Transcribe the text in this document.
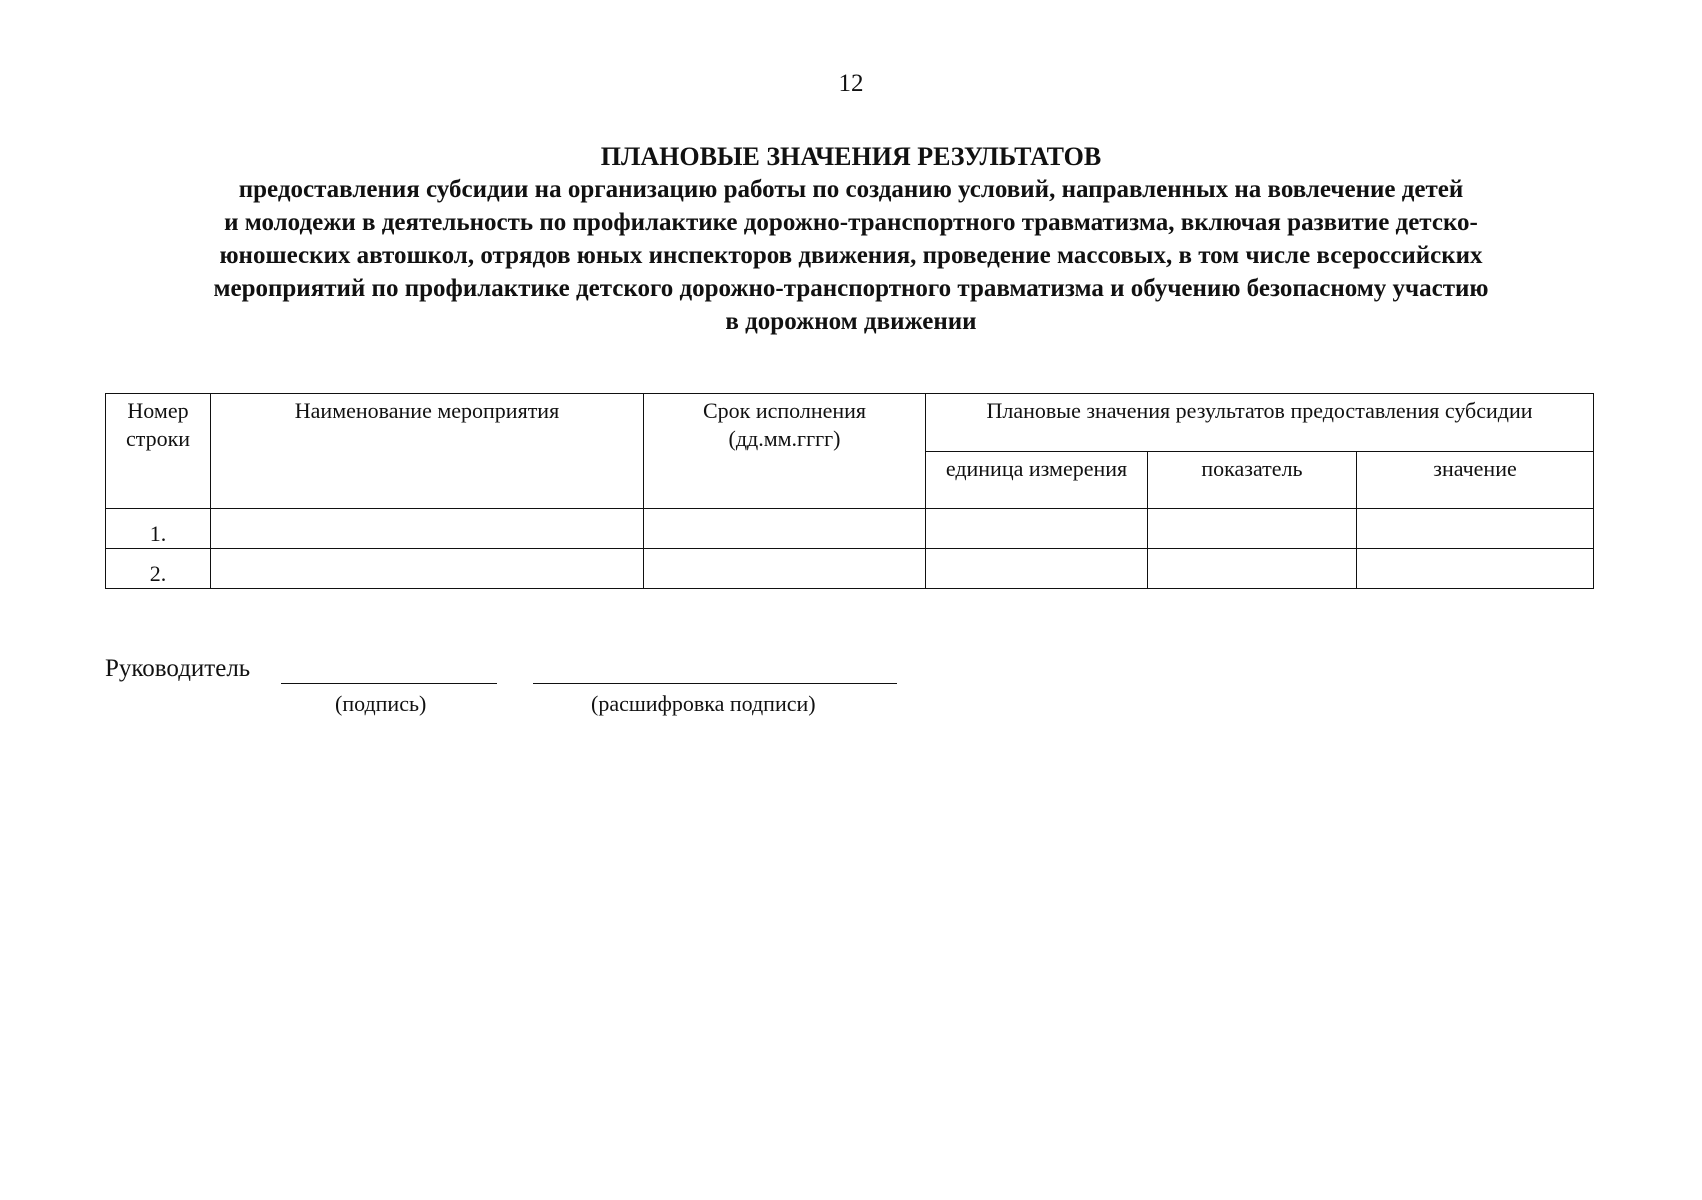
12
ПЛАНОВЫЕ ЗНАЧЕНИЯ РЕЗУЛЬТАТОВ
предоставления субсидии на организацию работы по созданию условий, направленных на вовлечение детей
и молодежи в деятельность по профилактике дорожно-транспортного травматизма, включая развитие детско-
юношеских автошкол, отрядов юных инспекторов движения, проведение массовых, в том числе всероссийских
мероприятий по профилактике детского дорожно-транспортного травматизма и обучению безопасному участию
в дорожном движении
Номер строки	Наименование мероприятия	Срок исполнения (дд.мм.гггг)	Плановые значения результатов предоставления субсидии		
			единица измерения	показатель	значение
1.					
2.					
Руководитель
(подпись)	(расшифровка подписи)
